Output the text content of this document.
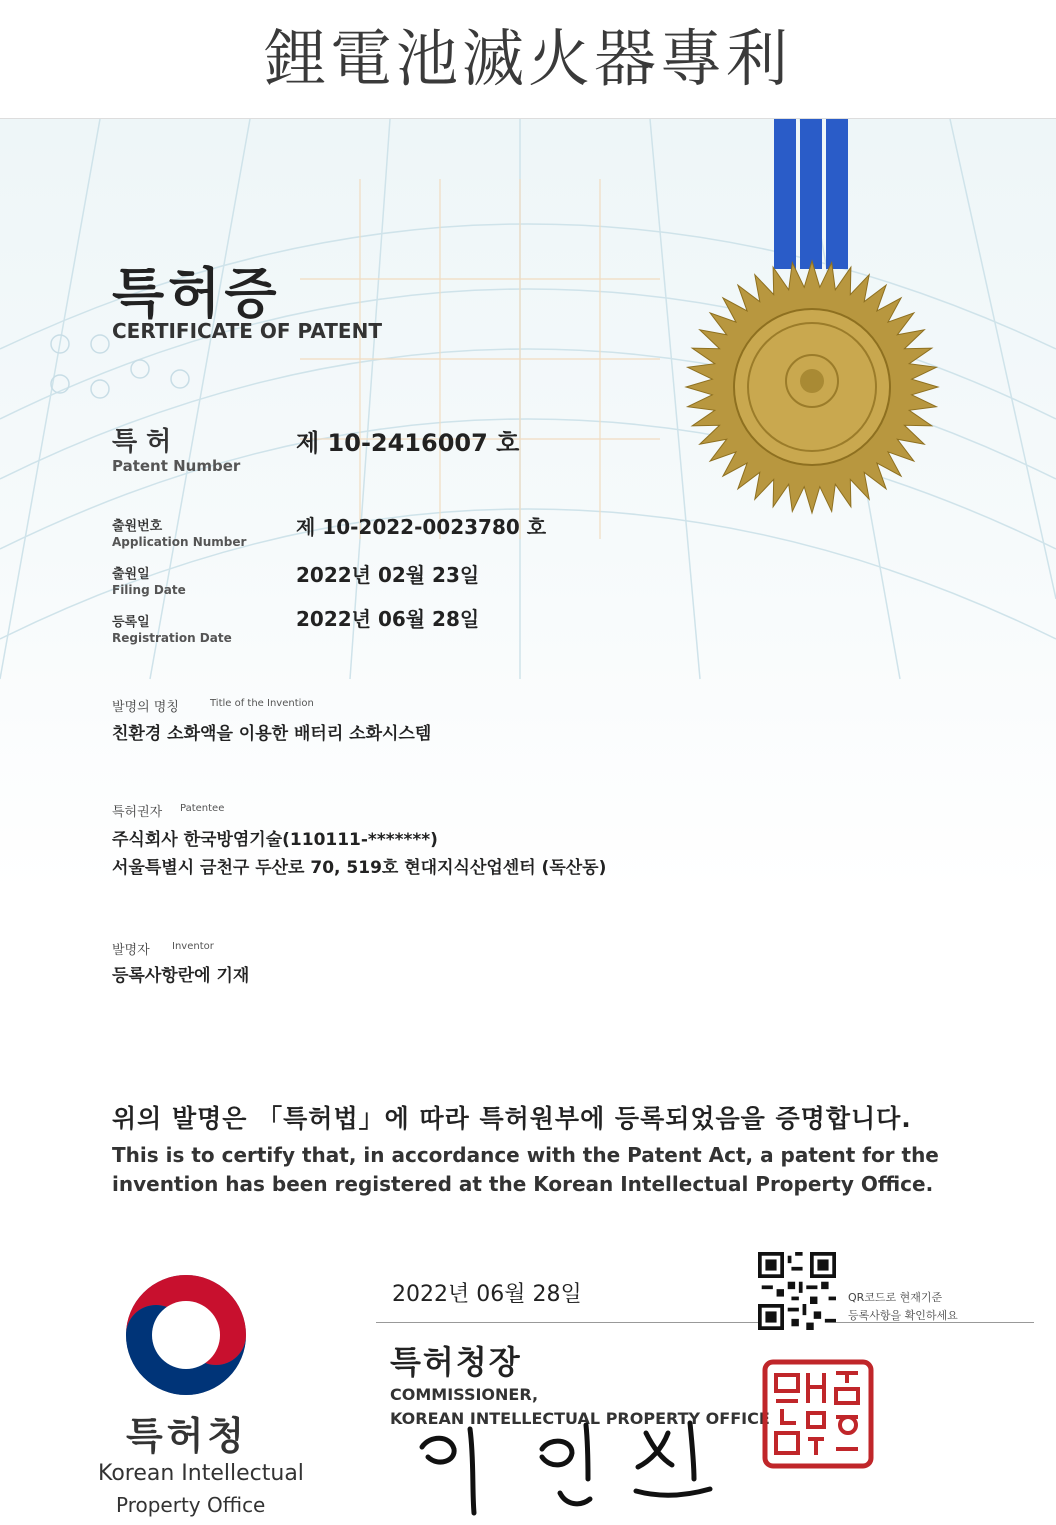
鋰電池滅火器專利
특허증
CERTIFICATE OF PATENT
특 허
Patent Number
제 10-2416007 호
출원번호
Application Number
제 10-2022-0023780 호
출원일
Filing Date
2022년 02월 23일
등록일
Registration Date
2022년 06월 28일
발명의 명칭	Title of the Invention
친환경 소화액을 이용한 배터리 소화시스템
특허권자 Patentee
주식회사 한국방염기술(110111-*******)
서울특별시 금천구 두산로 70, 519호 현대지식산업센터 (독산동)
발명자 Inventor
등록사항란에 기재
위의 발명은 「특허법」에 따라 특허원부에 등록되었음을 증명합니다.
This is to certify that, in accordance with the Patent Act, a patent for the
invention has been registered at the Korean Intellectual Property Office.
2022년 06월 28일
특허청장
COMMISSIONER,
KOREAN INTELLECTUAL PROPERTY OFFICE
QR코드로 현재기준
등록사항을 확인하세요
특허청
Korean Intellectual
Property Office
